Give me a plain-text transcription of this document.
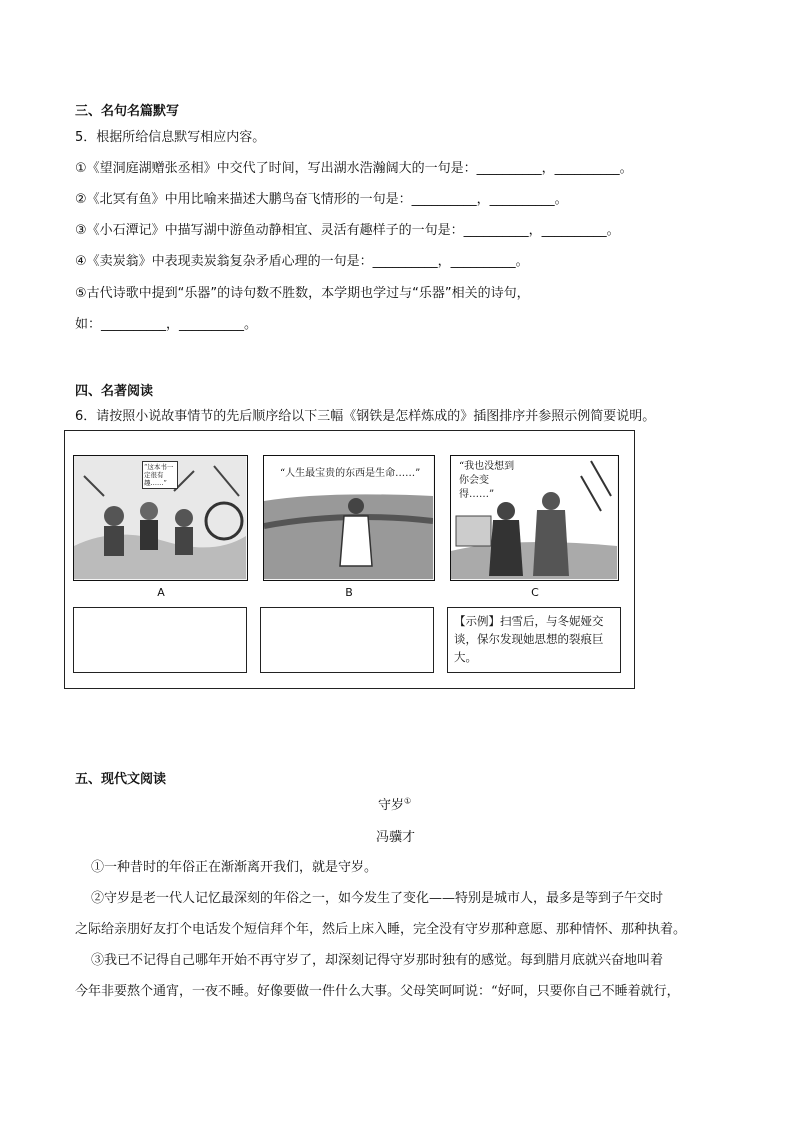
三、名句名篇默写
5．根据所给信息默写相应内容。
①《望洞庭湖赠张丞相》中交代了时间，写出湖水浩瀚阔大的一句是：__________，__________。
②《北冥有鱼》中用比喻来描述大鹏鸟奋飞情形的一句是：__________，__________。
③《小石潭记》中描写湖中游鱼动静相宜、灵活有趣样子的一句是：__________，__________。
④《卖炭翁》中表现卖炭翁复杂矛盾心理的一句是：__________，__________。
⑤古代诗歌中提到“乐器”的诗句数不胜数，本学期也学过与“乐器”相关的诗句，
如：__________，__________。
四、名著阅读
6．请按照小说故事情节的先后顺序给以下三幅《钢铁是怎样炼成的》插图排序并参照示例简要说明。
“这本书一定很有趣……”
A
“人生最宝贵的东西是生命……”
B
“我也没想到你会变得……”
C
【示例】扫雪后，与冬妮娅交谈，保尔发现她思想的裂痕巨大。
五、现代文阅读
守岁①
冯骥才
①一种昔时的年俗正在渐渐离开我们，就是守岁。
②守岁是老一代人记忆最深刻的年俗之一，如今发生了变化——特别是城市人，最多是等到子午交时
之际给亲朋好友打个电话发个短信拜个年，然后上床入睡，完全没有守岁那种意愿、那种情怀、那种执着。
③我已不记得自己哪年开始不再守岁了，却深刻记得守岁那时独有的感觉。每到腊月底就兴奋地叫着
今年非要熬个通宵，一夜不睡。好像要做一件什么大事。父母笑呵呵说：“好呵，只要你自己不睡着就行，
